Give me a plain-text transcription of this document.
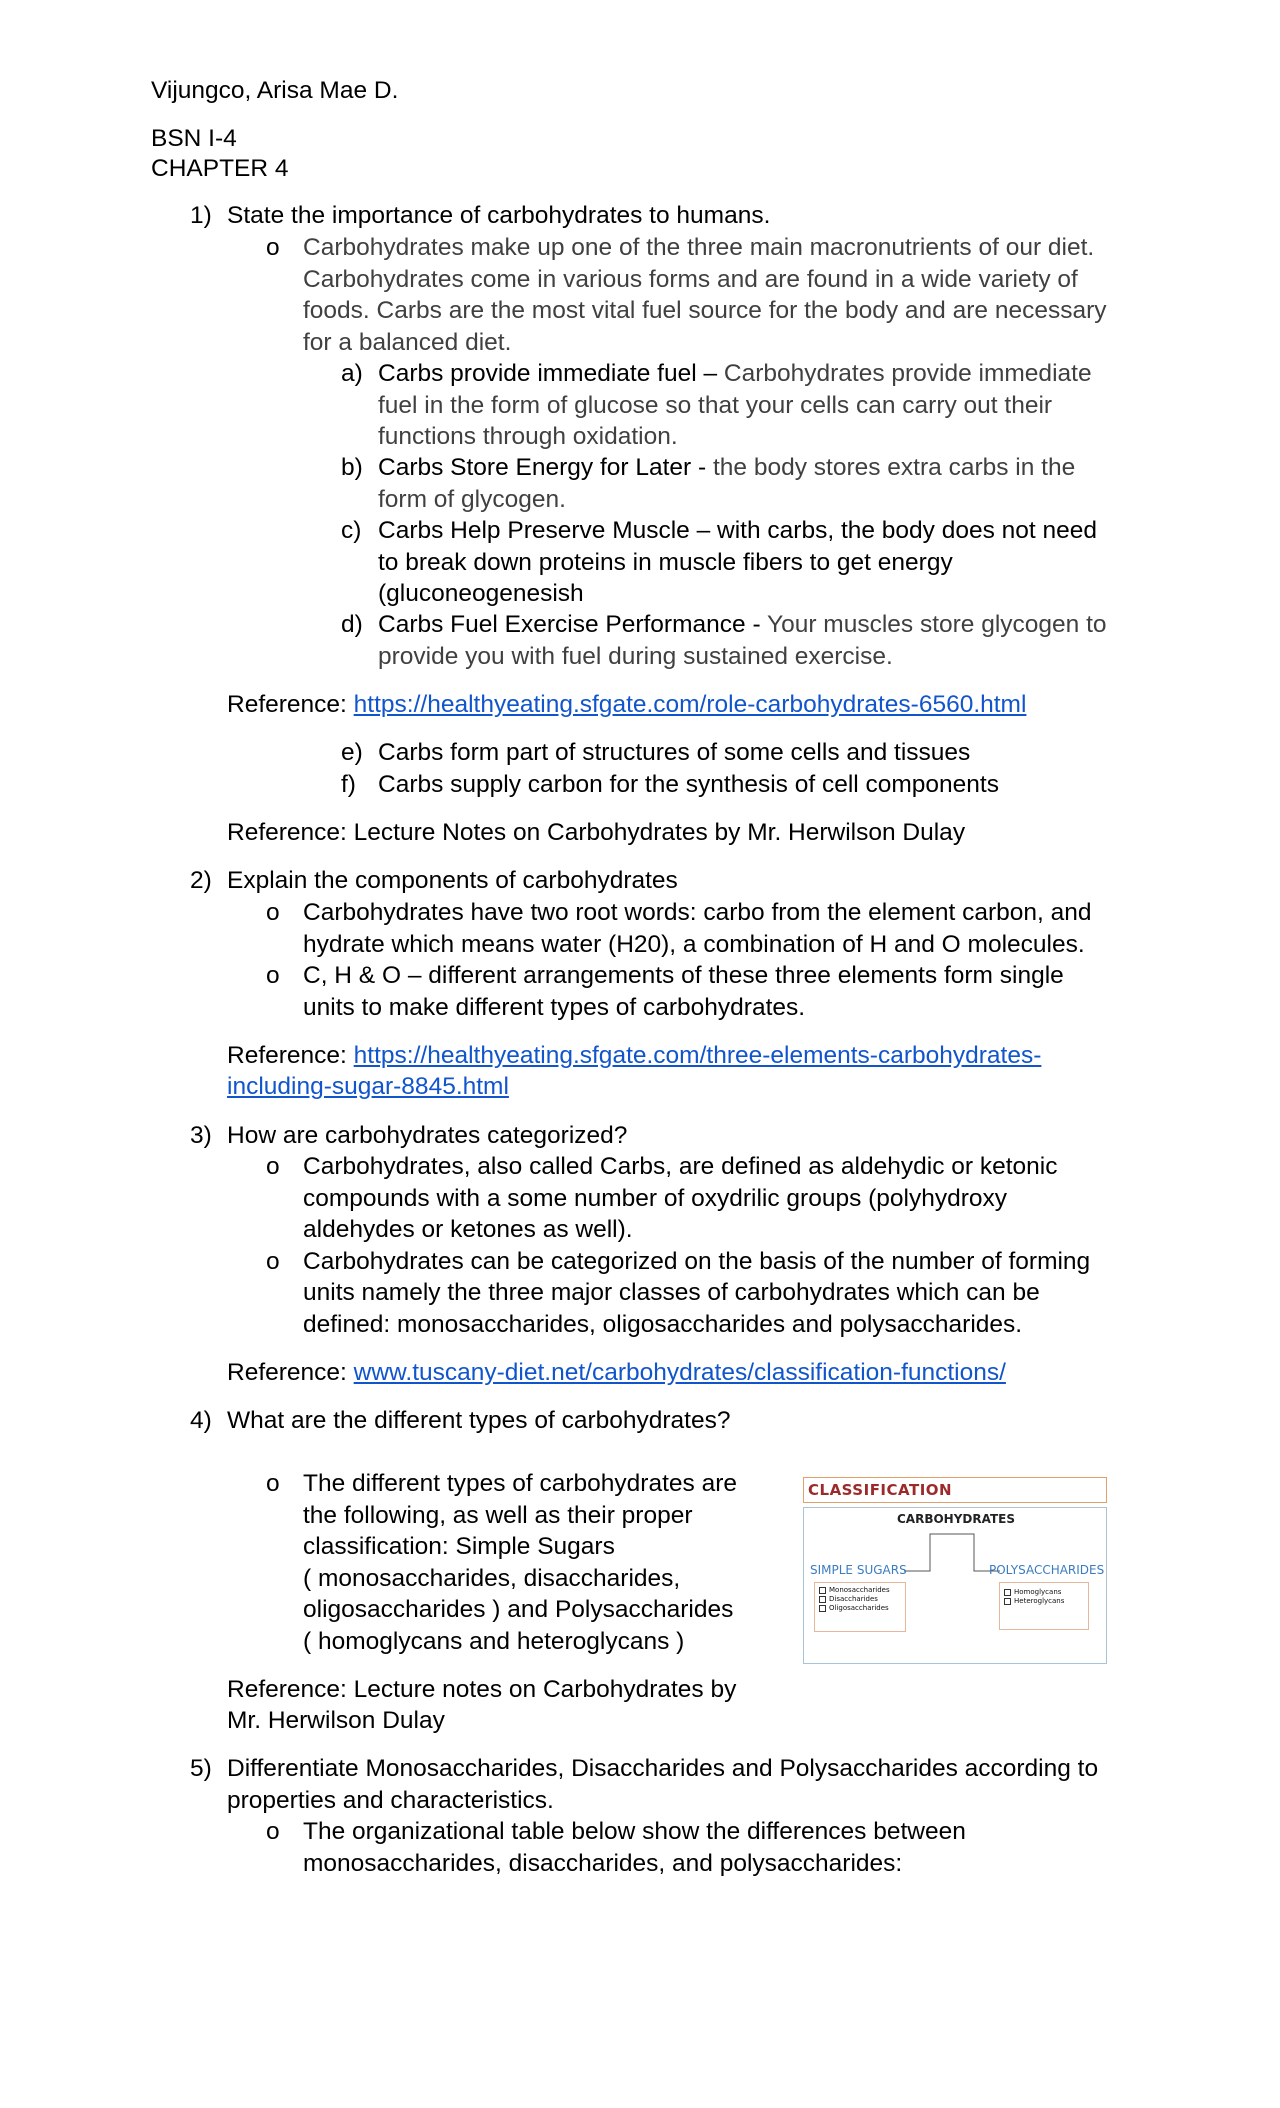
Vijungco, Arisa Mae D.
BSN I-4
CHAPTER 4
1) State the importance of carbohydrates to humans.
o Carbohydrates make up one of the three main macronutrients of our diet.
Carbohydrates come in various forms and are found in a wide variety of
foods. Carbs are the most vital fuel source for the body and are necessary
for a balanced diet.
a) Carbs provide immediate fuel – Carbohydrates provide immediate
fuel in the form of glucose so that your cells can carry out their
functions through oxidation.
b) Carbs Store Energy for Later - the body stores extra carbs in the
form of glycogen.
c) Carbs Help Preserve Muscle – with carbs, the body does not need
to break down proteins in muscle fibers to get energy
(gluconeogenesish
d) Carbs Fuel Exercise Performance - Your muscles store glycogen to
provide you with fuel during sustained exercise.
Reference: https://healthyeating.sfgate.com/role-carbohydrates-6560.html
e) Carbs form part of structures of some cells and tissues
f) Carbs supply carbon for the synthesis of cell components
Reference: Lecture Notes on Carbohydrates by Mr. Herwilson Dulay
2) Explain the components of carbohydrates
o Carbohydrates have two root words: carbo from the element carbon, and
hydrate which means water (H20), a combination of H and O molecules.
o C, H & O – different arrangements of these three elements form single
units to make different types of carbohydrates.
Reference: https://healthyeating.sfgate.com/three-elements-carbohydrates-
including-sugar-8845.html
3) How are carbohydrates categorized?
o Carbohydrates, also called Carbs, are defined as aldehydic or ketonic
compounds with a some number of oxydrilic groups (polyhydroxy
aldehydes or ketones as well).
o Carbohydrates can be categorized on the basis of the number of forming
units namely the three major classes of carbohydrates which can be
defined: monosaccharides, oligosaccharides and polysaccharides.
Reference: www.tuscany-diet.net/carbohydrates/classification-functions/
4) What are the different types of carbohydrates?
o The different types of carbohydrates are
the following, as well as their proper
classification: Simple Sugars
( monosaccharides, disaccharides,
oligosaccharides ) and Polysaccharides
( homoglycans and heteroglycans )
Reference: Lecture notes on Carbohydrates by
Mr. Herwilson Dulay
CLASSIFICATION
CARBOHYDRATES
SIMPLE SUGARS	POLYSACCHARIDES
Monosaccharides
Disaccharides
Oligosaccharides
Homoglycans
Heteroglycans
5) Differentiate Monosaccharides, Disaccharides and Polysaccharides according to
properties and characteristics.
o The organizational table below show the differences between
monosaccharides, disaccharides, and polysaccharides:
